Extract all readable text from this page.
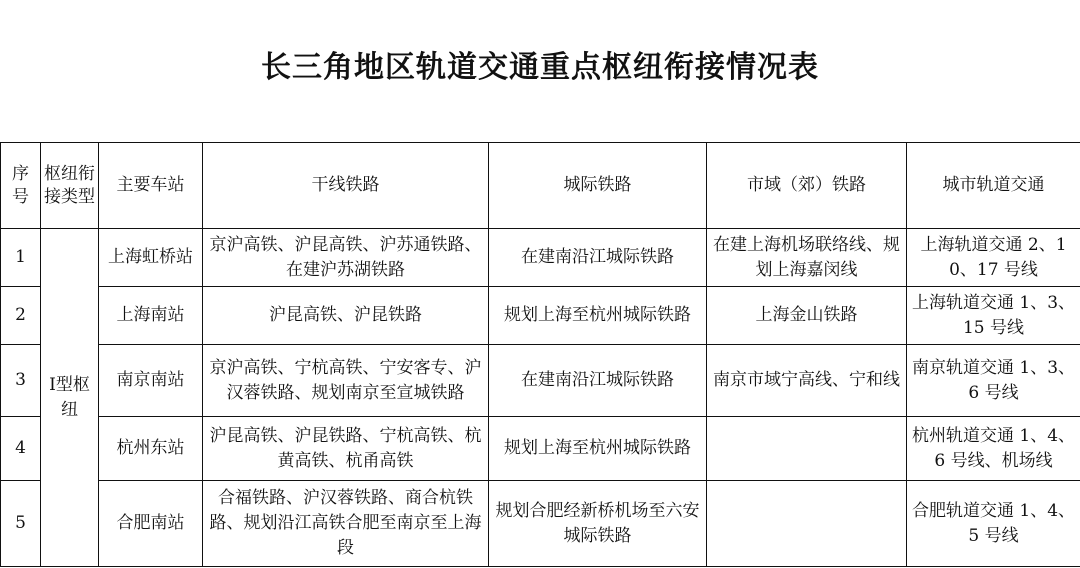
长三角地区轨道交通重点枢纽衔接情况表
序号	枢纽衔接类型	主要车站	干线铁路	城际铁路	市域（郊）铁路	城市轨道交通
1	I型枢纽	上海虹桥站	京沪高铁、沪昆高铁、沪苏通铁路、在建沪苏湖铁路	在建南沿江城际铁路	在建上海机场联络线、规划上海嘉闵线	上海轨道交通 2、10、17 号线
2		上海南站	沪昆高铁、沪昆铁路	规划上海至杭州城际铁路	上海金山铁路	上海轨道交通 1、3、15 号线
3		南京南站	京沪高铁、宁杭高铁、宁安客专、沪汉蓉铁路、规划南京至宣城铁路	在建南沿江城际铁路	南京市域宁高线、宁和线	南京轨道交通 1、3、6 号线
4		杭州东站	沪昆高铁、沪昆铁路、宁杭高铁、杭黄高铁、杭甬高铁	规划上海至杭州城际铁路		杭州轨道交通 1、4、6 号线、机场线
5		合肥南站	合福铁路、沪汉蓉铁路、商合杭铁路、规划沿江高铁合肥至南京至上海段	规划合肥经新桥机场至六安城际铁路		合肥轨道交通 1、4、5 号线
